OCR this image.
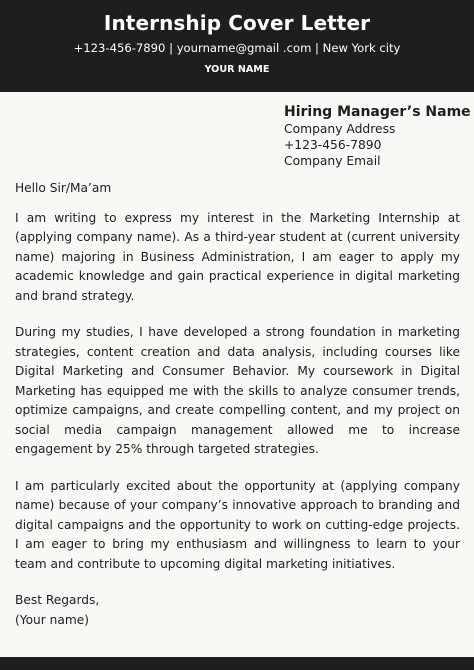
Internship Cover Letter
+123-456-7890 | yourname@gmail .com | New York city
YOUR NAME
Hiring Manager’s Name
Company Address
+123-456-7890
Company Email

Hello Sir/Ma’am

I am writing to express my interest in the Marketing Internship at (applying company name). As a third-year student at (current university name) majoring in Business Administration, I am eager to apply my academic knowledge and gain practical experience in digital marketing and brand strategy.

During my studies, I have developed a strong foundation in marketing strategies, content creation and data analysis, including courses like Digital Marketing and Consumer Behavior. My coursework in Digital Marketing has equipped me with the skills to analyze consumer trends, optimize campaigns, and create compelling content, and my project on social media campaign management allowed me to increase engagement by 25% through targeted strategies.

I am particularly excited about the opportunity at (applying company name) because of your company’s innovative approach to branding and digital campaigns and the opportunity to work on cutting-edge projects. I am eager to bring my enthusiasm and willingness to learn to your team and contribute to upcoming digital marketing initiatives.

Best Regards,

(Your name)
